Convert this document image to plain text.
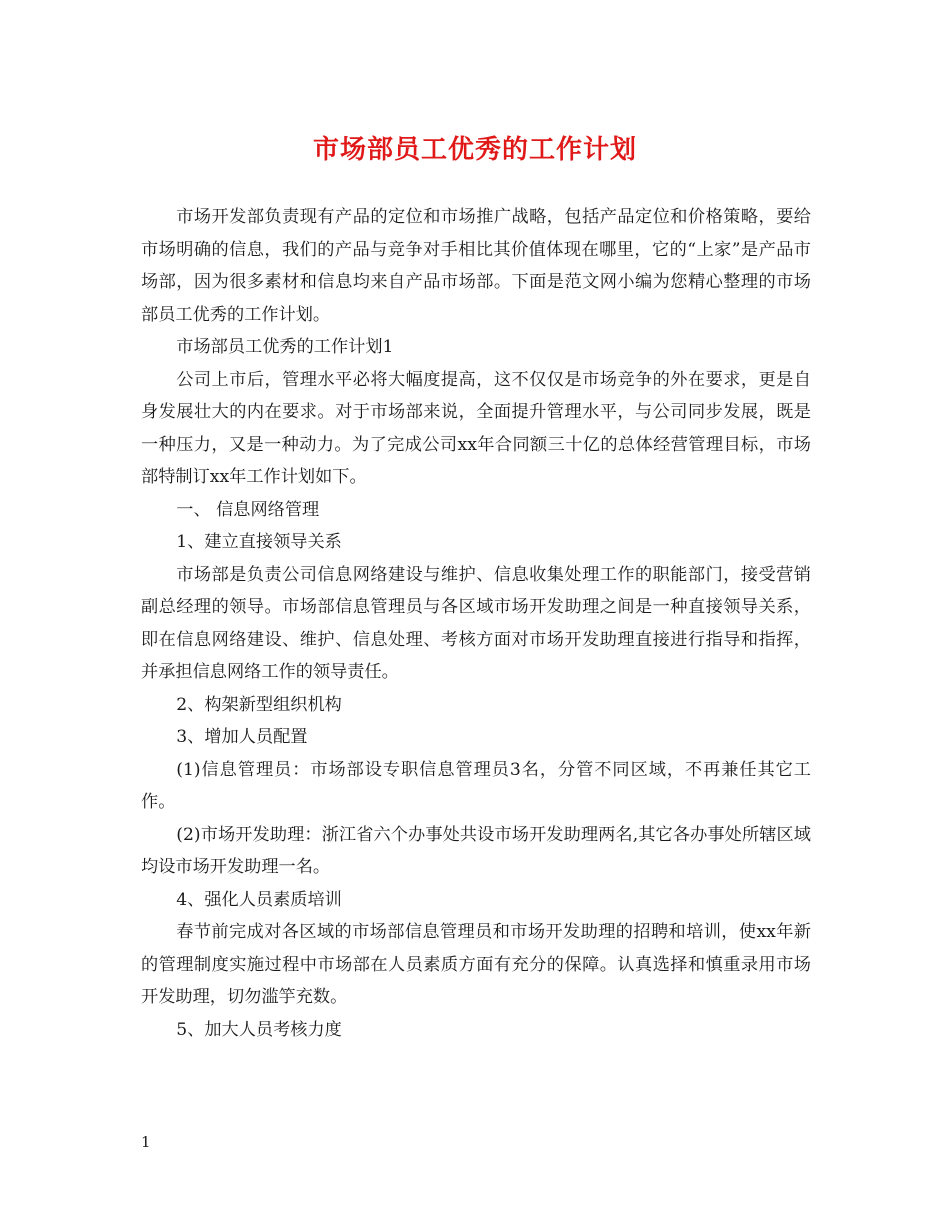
市场部员工优秀的工作计划

市场开发部负责现有产品的定位和市场推广战略，包括产品定位和价格策略，要给市场明确的信息，我们的产品与竞争对手相比其价值体现在哪里，它的“上家”是产品市场部，因为很多素材和信息均来自产品市场部。下面是范文网小编为您精心整理的市场部员工优秀的工作计划。

市场部员工优秀的工作计划1

公司上市后，管理水平必将大幅度提高，这不仅仅是市场竞争的外在要求，更是自身发展壮大的内在要求。对于市场部来说，全面提升管理水平，与公司同步发展，既是一种压力，又是一种动力。为了完成公司xx年合同额三十亿的总体经营管理目标，市场部特制订xx年工作计划如下。

一、 信息网络管理

1、建立直接领导关系

市场部是负责公司信息网络建设与维护、信息收集处理工作的职能部门，接受营销副总经理的领导。市场部信息管理员与各区域市场开发助理之间是一种直接领导关系，即在信息网络建设、维护、信息处理、考核方面对市场开发助理直接进行指导和指挥，并承担信息网络工作的领导责任。

2、构架新型组织机构

3、增加人员配置

(1)信息管理员：市场部设专职信息管理员3名，分管不同区域，不再兼任其它工作。

(2)市场开发助理：浙江省六个办事处共设市场开发助理两名,其它各办事处所辖区域均设市场开发助理一名。

4、强化人员素质培训

春节前完成对各区域的市场部信息管理员和市场开发助理的招聘和培训，使xx年新的管理制度实施过程中市场部在人员素质方面有充分的保障。认真选择和慎重录用市场开发助理，切勿滥竽充数。

5、加大人员考核力度

1
